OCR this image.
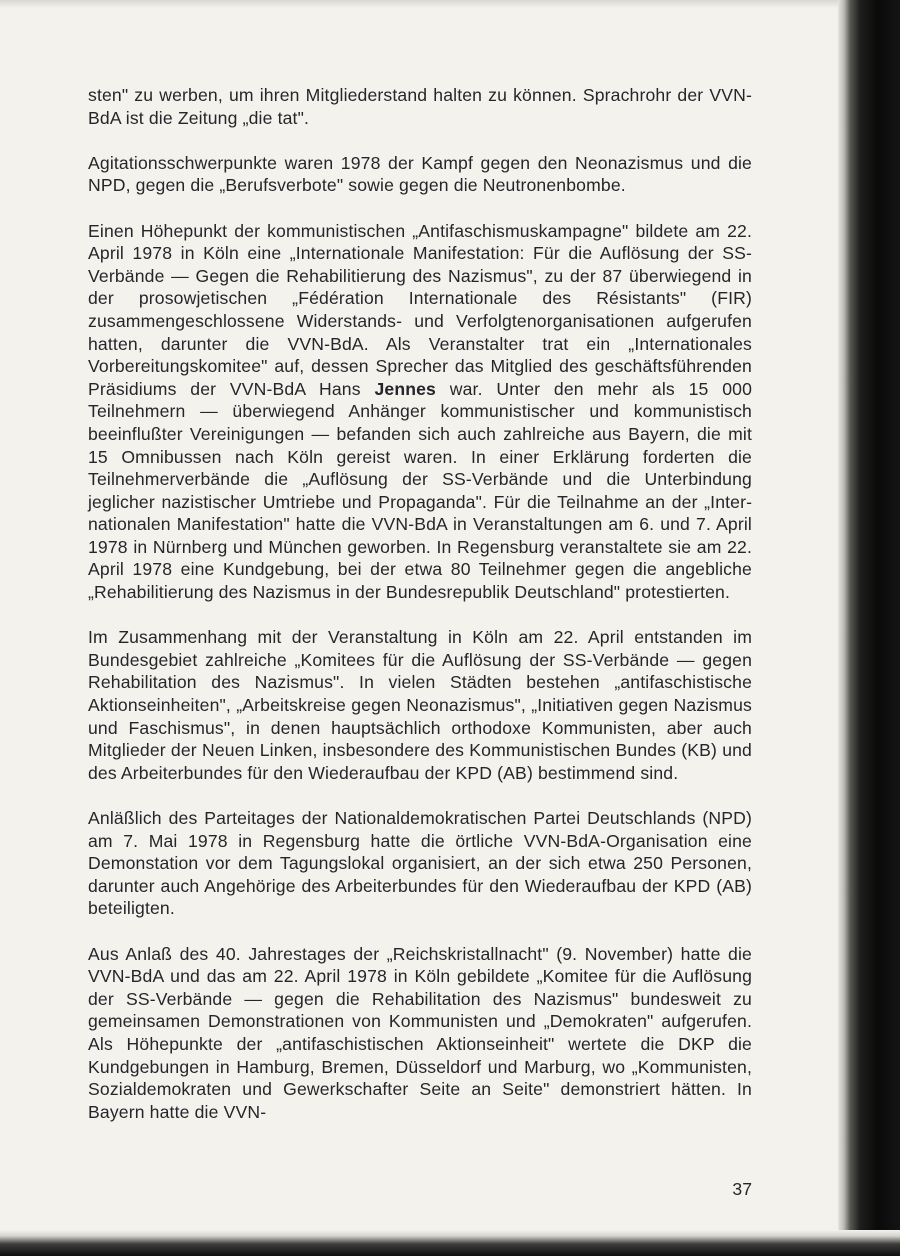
sten" zu werben, um ihren Mitgliederstand halten zu können. Sprachrohr der VVN-BdA ist die Zeitung „die tat".

Agitationsschwerpunkte waren 1978 der Kampf gegen den Neonazismus und die NPD, gegen die „Berufsverbote" sowie gegen die Neutronenbombe.

Einen Höhepunkt der kommunistischen „Antifaschismuskampagne" bildete am 22. April 1978 in Köln eine „Internationale Manifestation: Für die Auflösung der SS-Verbände — Gegen die Rehabilitierung des Nazismus", zu der 87 überwiegend in der prosowjetischen „Fédération Internationale des Résistants" (FIR) zusammengeschlossene Widerstands- und Verfolgtenorganisationen aufgerufen hatten, darunter die VVN-BdA. Als Veranstalter trat ein „Internationales Vorbereitungskomitee" auf, dessen Sprecher das Mitglied des geschäftsführenden Präsidiums der VVN-BdA Hans Jennes war. Unter den mehr als 15 000 Teilnehmern — überwiegend Anhänger kommunistischer und kommunistisch beeinflußter Vereinigungen — befanden sich auch zahlreiche aus Bayern, die mit 15 Omnibussen nach Köln gereist waren. In einer Erklärung forderten die Teilnehmerverbände die „Auflösung der SS-Verbände und die Unterbindung jeglicher nazistischer Umtriebe und Propaganda". Für die Teilnahme an der „Internationalen Manifestation" hatte die VVN-BdA in Veranstaltungen am 6. und 7. April 1978 in Nürnberg und München geworben. In Regensburg veranstaltete sie am 22. April 1978 eine Kundgebung, bei der etwa 80 Teilnehmer gegen die angebliche „Rehabilitierung des Nazismus in der Bundesrepublik Deutschland" protestierten.

Im Zusammenhang mit der Veranstaltung in Köln am 22. April entstanden im Bundesgebiet zahlreiche „Komitees für die Auflösung der SS-Verbände — gegen Rehabilitation des Nazismus". In vielen Städten bestehen „antifaschistische Aktionseinheiten", „Arbeitskreise gegen Neonazismus", „Initiativen gegen Nazismus und Faschismus", in denen hauptsächlich orthodoxe Kommunisten, aber auch Mitglieder der Neuen Linken, insbesondere des Kommunistischen Bundes (KB) und des Arbeiterbundes für den Wiederaufbau der KPD (AB) bestimmend sind.

Anläßlich des Parteitages der Nationaldemokratischen Partei Deutschlands (NPD) am 7. Mai 1978 in Regensburg hatte die örtliche VVN-BdA-Organisation eine Demonstation vor dem Tagungslokal organisiert, an der sich etwa 250 Personen, darunter auch Angehörige des Arbeiterbundes für den Wiederaufbau der KPD (AB) beteiligten.

Aus Anlaß des 40. Jahrestages der „Reichskristallnacht" (9. November) hatte die VVN-BdA und das am 22. April 1978 in Köln gebildete „Komitee für die Auflösung der SS-Verbände — gegen die Rehabilitation des Nazismus" bundesweit zu gemeinsamen Demonstrationen von Kommunisten und „Demokraten" aufgerufen. Als Höhepunkte der „antifaschistischen Aktionseinheit" wertete die DKP die Kundgebungen in Hamburg, Bremen, Düsseldorf und Marburg, wo „Kommunisten, Sozialdemokraten und Gewerkschafter Seite an Seite" demonstriert hätten. In Bayern hatte die VVN-

37
